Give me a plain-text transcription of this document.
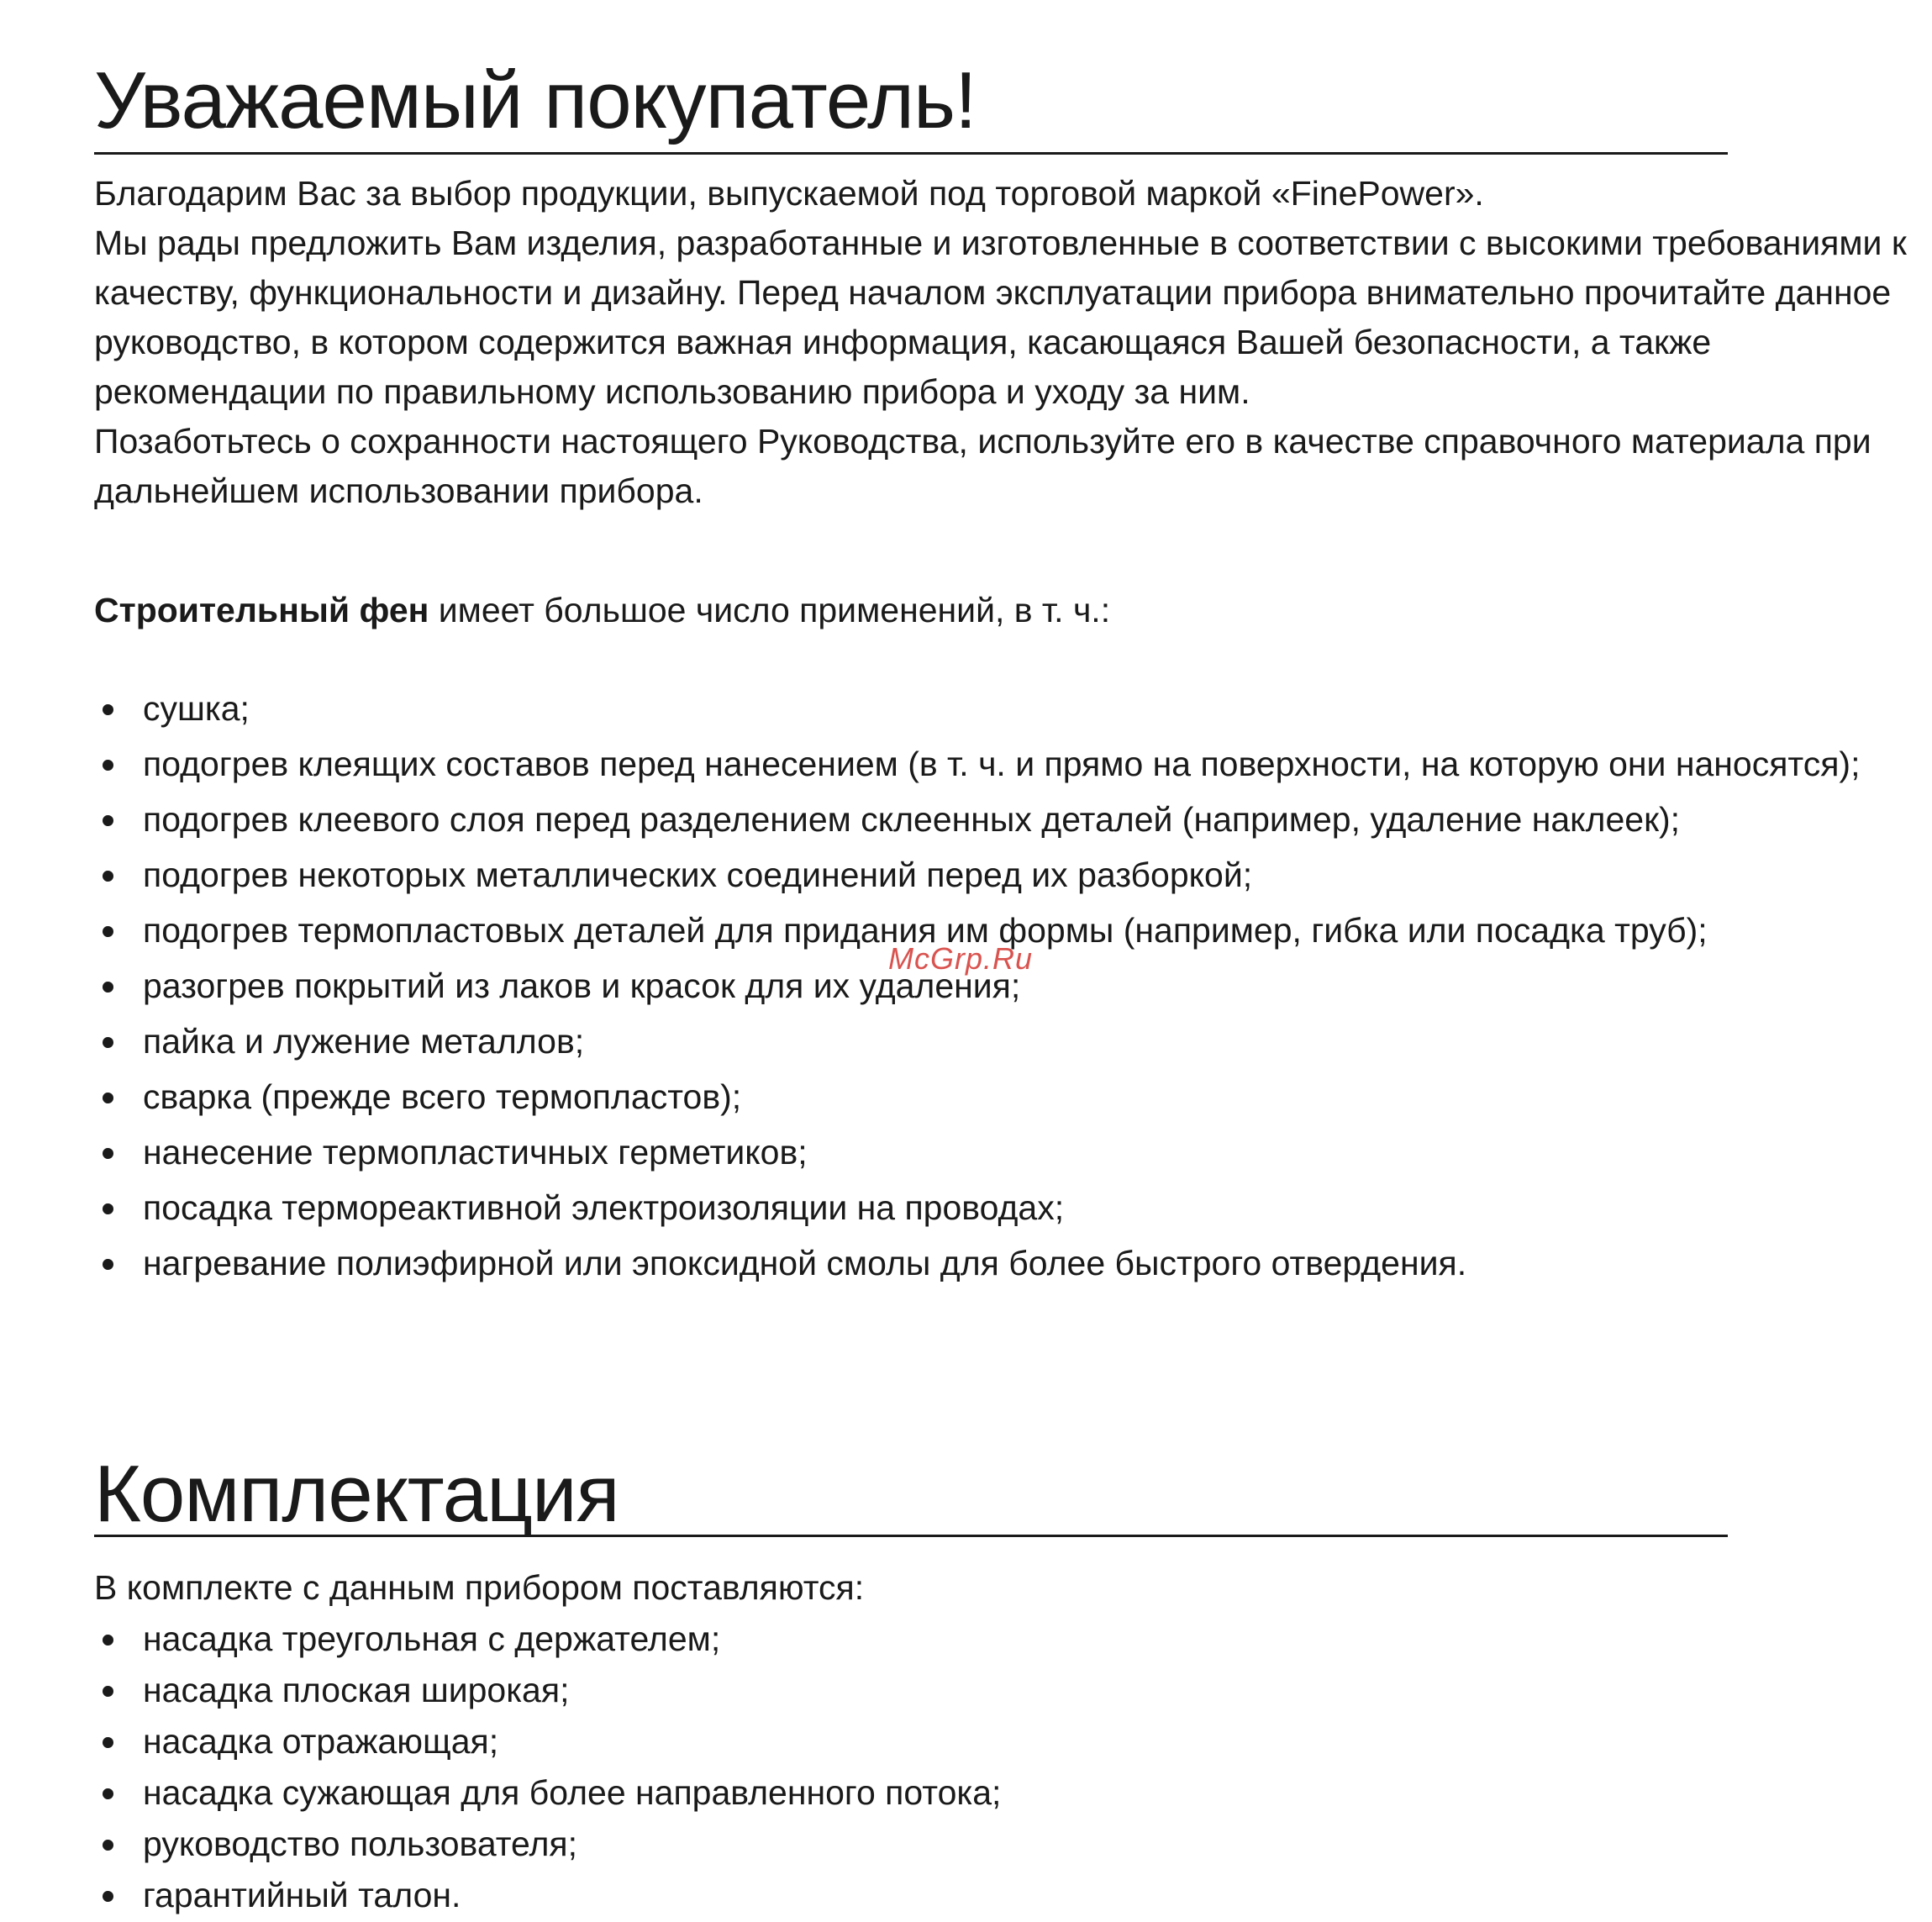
Уважаемый покупатель!

Благодарим Вас за выбор продукции, выпускаемой под торговой маркой «FinePower».

Мы рады предложить Вам изделия, разработанные и изготовленные в соответствии с высокими требованиями к качеству, функциональности и дизайну. Перед началом эксплуатации прибора внимательно прочитайте данное руководство, в котором содержится важная информация, касающаяся Вашей безопасности, а также рекомендации по правильному использованию прибора и уходу за ним.

Позаботьтесь о сохранности настоящего Руководства, используйте его в качестве справочного материала при дальнейшем использовании прибора.

Строительный фен имеет большое число применений, в т. ч.:

сушка;
подогрев клеящих составов перед нанесением (в т. ч. и прямо на поверхности, на которую они наносятся);
подогрев клеевого слоя перед разделением склеенных деталей (например, удаление наклеек);
подогрев некоторых металлических соединений перед их разборкой;
подогрев термопластовых деталей для придания им формы (например, гибка или посадка труб);
разогрев покрытий из лаков и красок для их удаления;
пайка и лужение металлов;
сварка (прежде всего термопластов);
нанесение термопластичных герметиков;
посадка термореактивной электроизоляции на проводах;
нагревание полиэфирной или эпоксидной смолы для более быстрого отвердения.
Комплектация

В комплекте с данным прибором поставляются:

насадка треугольная с держателем;
насадка плоская широкая;
насадка отражающая;
насадка сужающая для более направленного потока;
руководство пользователя;
гарантийный талон.
McGrp.Ru
